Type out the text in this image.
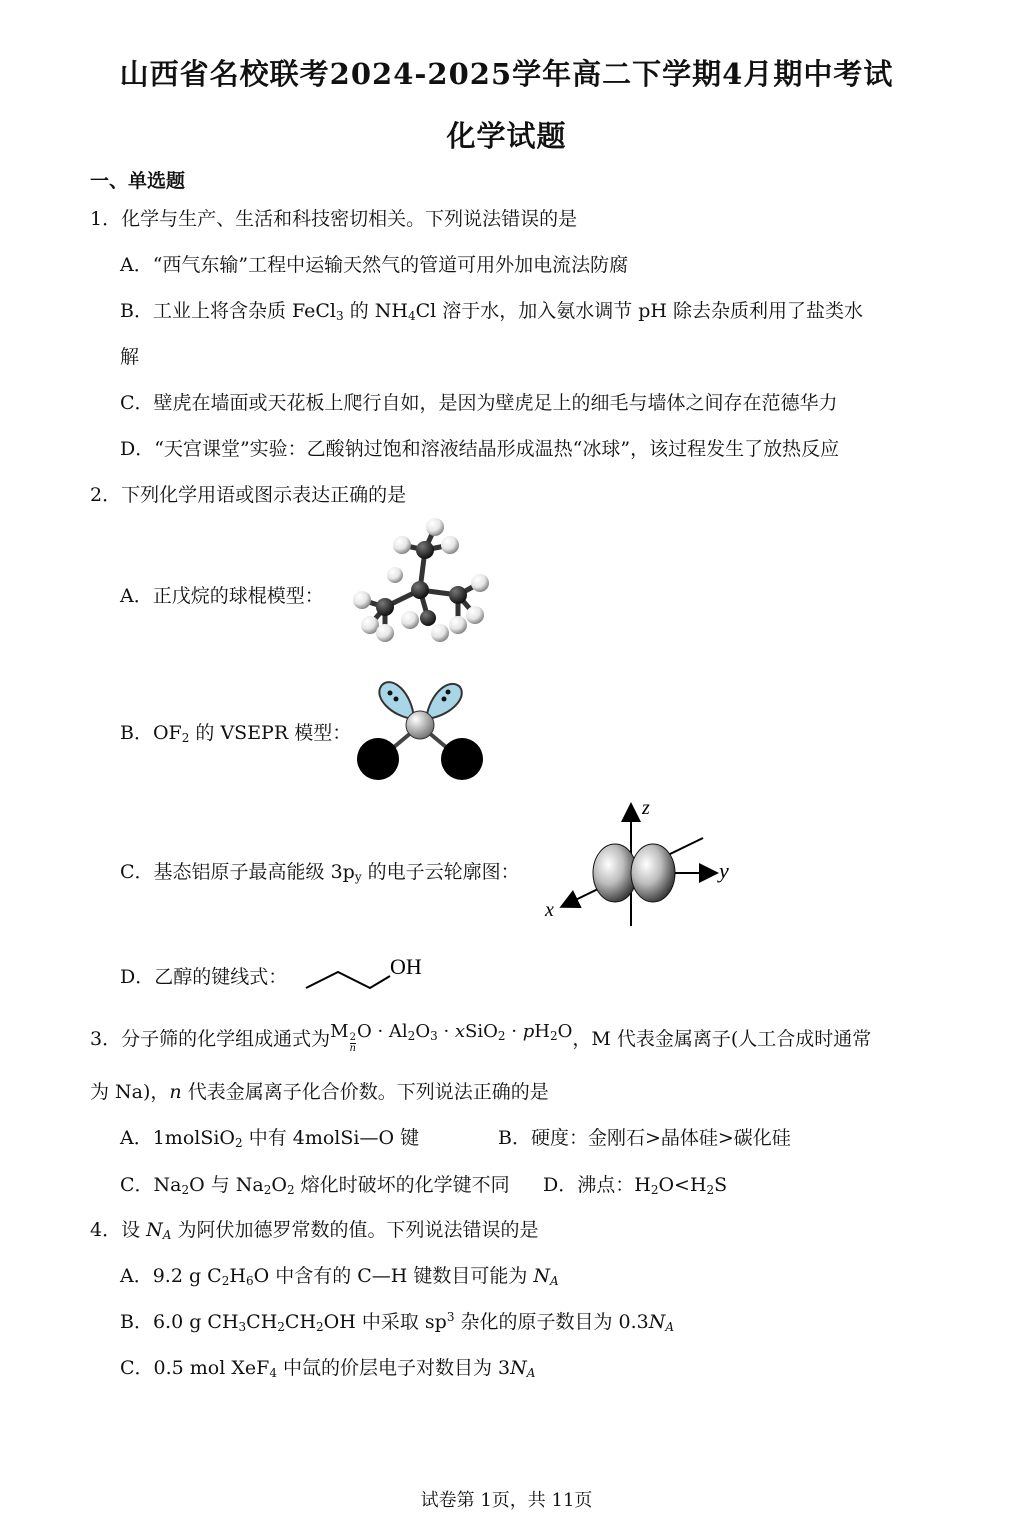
山西省名校联考2024-2025学年高二下学期4月期中考试
化学试题
一、单选题
1．化学与生产、生活和科技密切相关。下列说法错误的是
A．“西气东输”工程中运输天然气的管道可用外加电流法防腐
B．工业上将含杂质 FeCl$_3$ 的 $NH_4Cl$ 溶于水，加入氨水调节 pH 除去杂质利用了盐类水
解
C．壁虎在墙面或天花板上爬行自如，是因为壁虎足上的细毛与墙体之间存在范德华力
D．“天宫课堂”实验：乙酸钠过饱和溶液结晶形成温热“冰球”，该过程发生了放热反应
2．下列化学用语或图示表达正确的是
A．正戊烷的球棍模型：
B．$OF_2$ 的 VSEPR 模型：
C．基态铝原子最高能级 $3p_y$ 的电子云轮廓图：
z
y
x
D．乙醇的键线式：	OH
3．分子筛的化学组成通式为M
$\frac{2}{n}$
$O \cdot Al_2O_3$ · xSiO$_2$ · $pH_2O$，M 代表金属离子(人工合成时通常
为 Na)，n 代表金属离子化合价数。下列说法正确的是
A．1molSiO$_2$ 中有 4molSi—O 键	B．硬度：金刚石>晶体硅>碳化硅
C．$Na_2O$ 与 $Na_2O_2$ 熔化时破坏的化学键不同 D．沸点：$H_2O<H_2S$
4．设 $N_A$ 为阿伏加德罗常数的值。下列说法错误的是
A．9.2 g $C_2H_6O$ 中含有的 C—H 键数目可能为 $N_A$
B．6.0 g $CH_3CH_2CH_2OH$ 中采取 $sp^3$ 杂化的原子数目为 $0.3N_A$
C．0.5 mol XeF$_4$ 中氙的价层电子对数目为 $3N_A$
试卷第 1页，共 11页
